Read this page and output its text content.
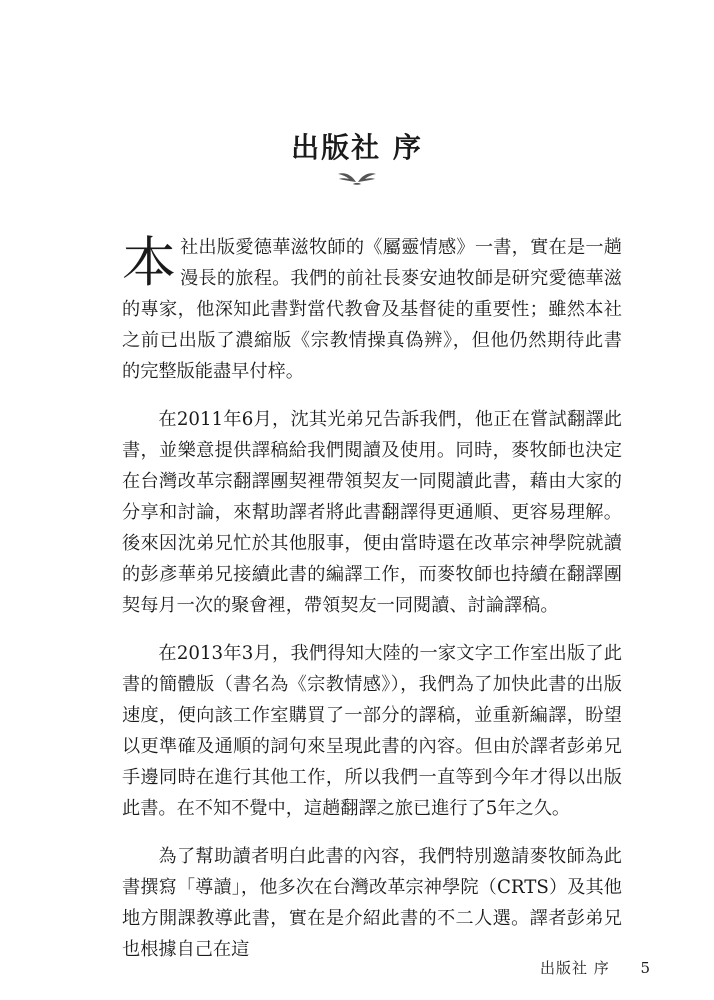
出版社 序

本社出版愛德華滋牧師的《屬靈情感》一書，實在是一趟漫長的旅程。我們的前社長麥安迪牧師是研究愛德華滋的專家，他深知此書對當代教會及基督徒的重要性；雖然本社之前已出版了濃縮版《宗教情操真偽辨》，但他仍然期待此書的完整版能盡早付梓。

在2011年6月，沈其光弟兄告訴我們，他正在嘗試翻譯此書，並樂意提供譯稿給我們閱讀及使用。同時，麥牧師也決定在台灣改革宗翻譯團契裡帶領契友一同閱讀此書，藉由大家的分享和討論，來幫助譯者將此書翻譯得更通順、更容易理解。後來因沈弟兄忙於其他服事，便由當時還在改革宗神學院就讀的彭彥華弟兄接續此書的編譯工作，而麥牧師也持續在翻譯團契每月一次的聚會裡，帶領契友一同閱讀、討論譯稿。

在2013年3月，我們得知大陸的一家文字工作室出版了此書的簡體版（書名為《宗教情感》），我們為了加快此書的出版速度，便向該工作室購買了一部分的譯稿，並重新編譯，盼望以更準確及通順的詞句來呈現此書的內容。但由於譯者彭弟兄手邊同時在進行其他工作，所以我們一直等到今年才得以出版此書。在不知不覺中，這趟翻譯之旅已進行了5年之久。

為了幫助讀者明白此書的內容，我們特別邀請麥牧師為此書撰寫「導讀」，他多次在台灣改革宗神學院（CRTS）及其他地方開課教導此書，實在是介紹此書的不二人選。譯者彭弟兄也根據自己在這

出版社 序 5
